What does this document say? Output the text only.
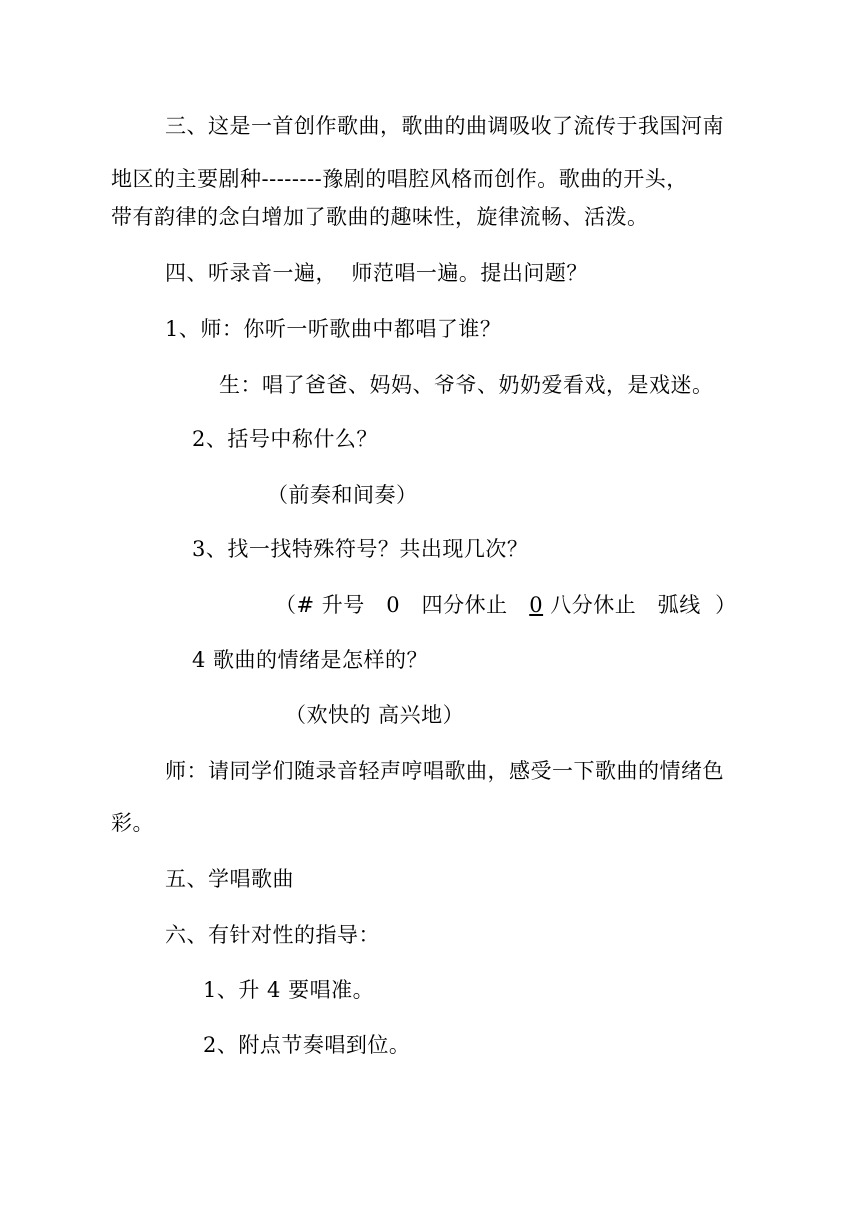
三、这是一首创作歌曲，歌曲的曲调吸收了流传于我国河南
地区的主要剧种--------豫剧的唱腔风格而创作。歌曲的开头，
带有韵律的念白增加了歌曲的趣味性，旋律流畅、活泼。
四、听录音一遍，  师范唱一遍。提出问题？
1、师：你听一听歌曲中都唱了谁？
生：唱了爸爸、妈妈、爷爷、奶奶爱看戏，是戏迷。
2、括号中称什么？
（前奏和间奏）
3、找一找特殊符号？共出现几次？
（# 升号   0   四分休止   0 八分休止   弧线  ）
4 歌曲的情绪是怎样的？
（欢快的 高兴地）
师：请同学们随录音轻声哼唱歌曲，感受一下歌曲的情绪色
彩。
五、学唱歌曲
六、有针对性的指导：
1、升 4 要唱准。
2、附点节奏唱到位。
